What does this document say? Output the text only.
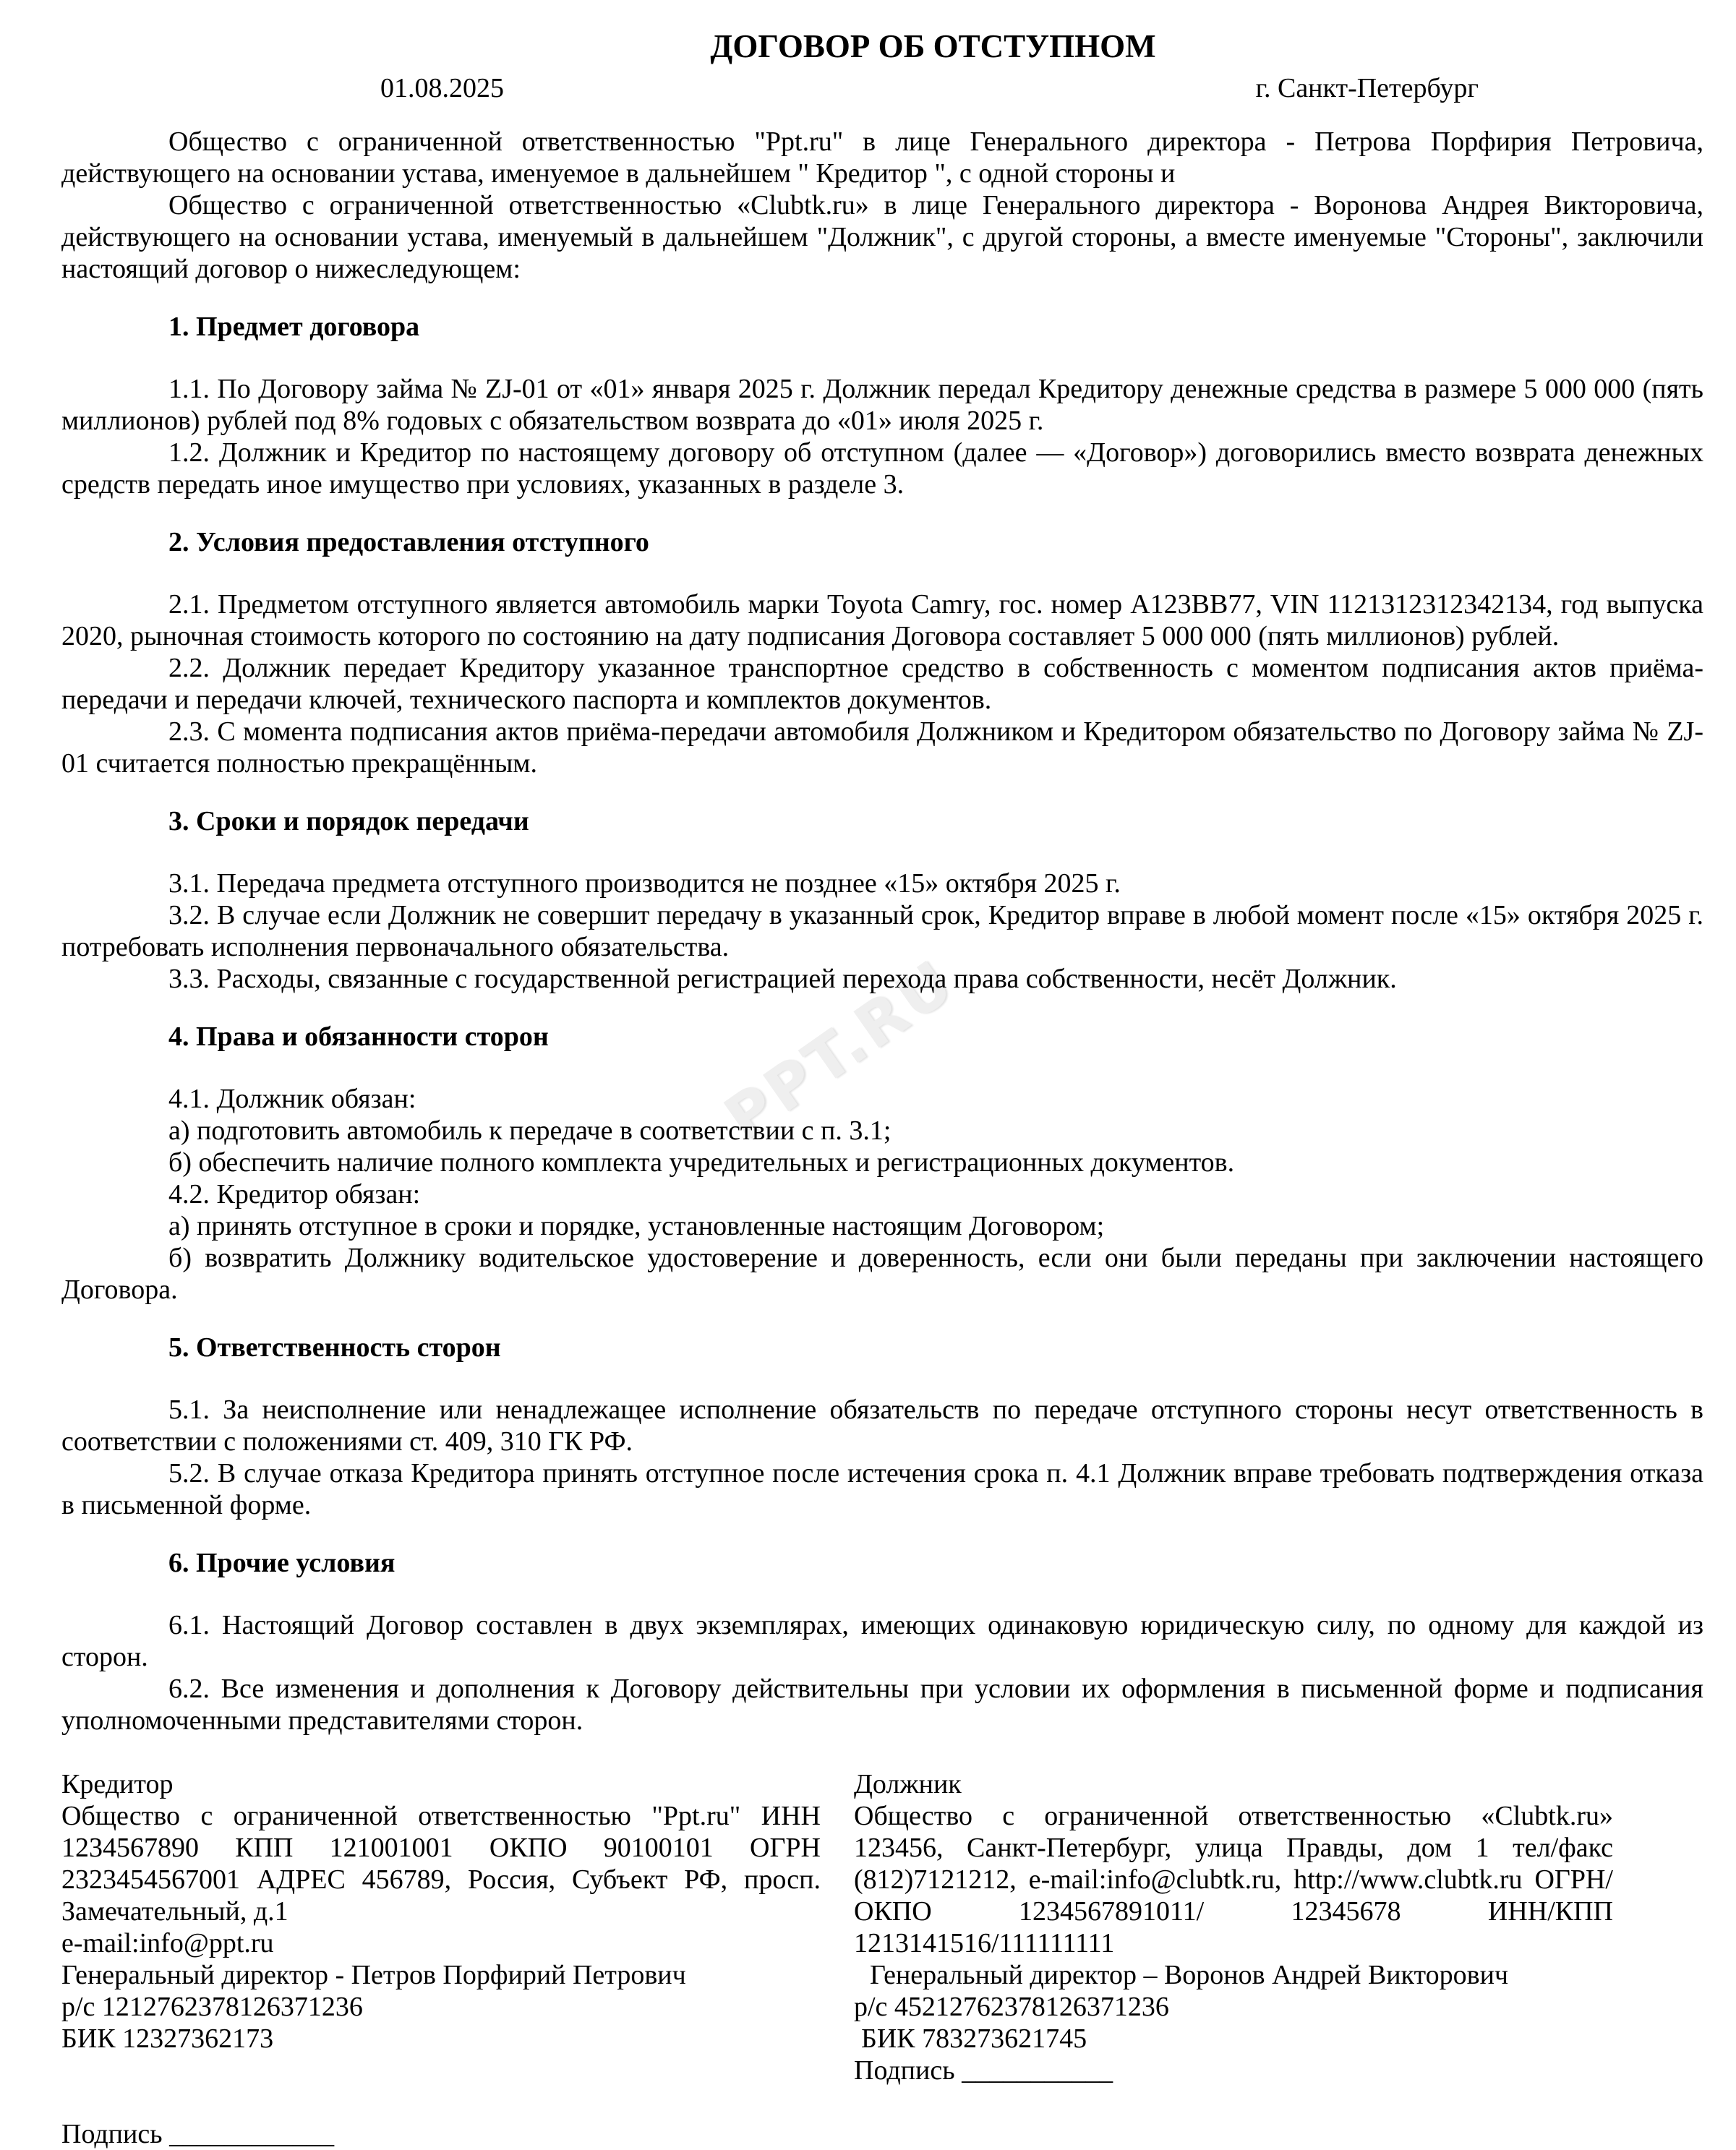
PPT.RU
ДОГОВОР ОБ ОТСТУПНОМ
01.08.2025	г. Санкт-Петербург

Общество с ограниченной ответственностью "Ppt.ru" в лице Генерального директора - Петрова Порфирия Петровича, действующего на основании устава, именуемое в дальнейшем " Кредитор ", с одной стороны и

Общество с ограниченной ответственностью «Clubtk.ru» в лице Генерального директора - Воронова Андрея Викторовича, действующего на основании устава, именуемый в дальнейшем "Должник", с другой стороны, а вместе именуемые "Стороны", заключили настоящий договор о нижеследующем:

1. Предмет договора

1.1. По Договору займа № ZJ-01 от «01» января 2025 г. Должник передал Кредитору денежные средства в размере 5 000 000 (пять миллионов) рублей под 8% годовых с обязательством возврата до «01» июля 2025 г.

1.2. Должник и Кредитор по настоящему договору об отступном (далее — «Договор») договорились вместо возврата денежных средств передать иное имущество при условиях, указанных в разделе 3.

2. Условия предоставления отступного

2.1. Предметом отступного является автомобиль марки Toyota Camry, гос. номер А123ВВ77, VIN 1121312312342134, год выпуска 2020, рыночная стоимость которого по состоянию на дату подписания Договора составляет 5 000 000 (пять миллионов) рублей.

2.2. Должник передает Кредитору указанное транспортное средство в собственность с моментом подписания актов приёма-передачи и передачи ключей, технического паспорта и комплектов документов.

2.3. С момента подписания актов приёма-передачи автомобиля Должником и Кредитором обязательство по Договору займа № ZJ-01 считается полностью прекращённым.

3. Сроки и порядок передачи

3.1. Передача предмета отступного производится не позднее «15» октября 2025 г.

3.2. В случае если Должник не совершит передачу в указанный срок, Кредитор вправе в любой момент после «15» октября 2025 г. потребовать исполнения первоначального обязательства.

3.3. Расходы, связанные с государственной регистрацией перехода права собственности, несёт Должник.

4. Права и обязанности сторон

4.1. Должник обязан:

а) подготовить автомобиль к передаче в соответствии с п. 3.1;

б) обеспечить наличие полного комплекта учредительных и регистрационных документов.

4.2. Кредитор обязан:

а) принять отступное в сроки и порядке, установленные настоящим Договором;

б) возвратить Должнику водительское удостоверение и доверенность, если они были переданы при заключении настоящего Договора.

5. Ответственность сторон

5.1. За неисполнение или ненадлежащее исполнение обязательств по передаче отступного стороны несут ответственность в соответствии с положениями ст. 409, 310 ГК РФ.

5.2. В случае отказа Кредитора принять отступное после истечения срока п. 4.1 Должник вправе требовать подтверждения отказа в письменной форме.

6. Прочие условия

6.1. Настоящий Договор составлен в двух экземплярах, имеющих одинаковую юридическую силу, по одному для каждой из сторон.

6.2. Все изменения и дополнения к Договору действительны при условии их оформления в письменной форме и подписания уполномоченными представителями сторон.

Кредитор

Общество с ограниченной ответственностью "Ppt.ru" ИНН 1234567890 КПП 121001001 ОКПО 90100101 ОГРН 2323454567001 АДРЕС 456789, Россия, Субъект РФ, просп. Замечательный, д.1

e-mail:info@ppt.ru

Генеральный директор - Петров Порфирий Петрович

р/с 1212762378126371236

БИК 12327362173

Подпись ____________

Должник

Общество с ограниченной ответственностью «Clubtk.ru» 123456, Санкт-Петербург, улица Правды, дом 1 тел/факс (812)7121212, e-mail:info@clubtk.ru, http://www.clubtk.ru ОГРН/ ОКПО 1234567891011/ 12345678 ИНН/КПП 1213141516/111111111

Генеральный директор – Воронов Андрей Викторович

р/с 45212762378126371236

БИК 783273621745

Подпись ___________
